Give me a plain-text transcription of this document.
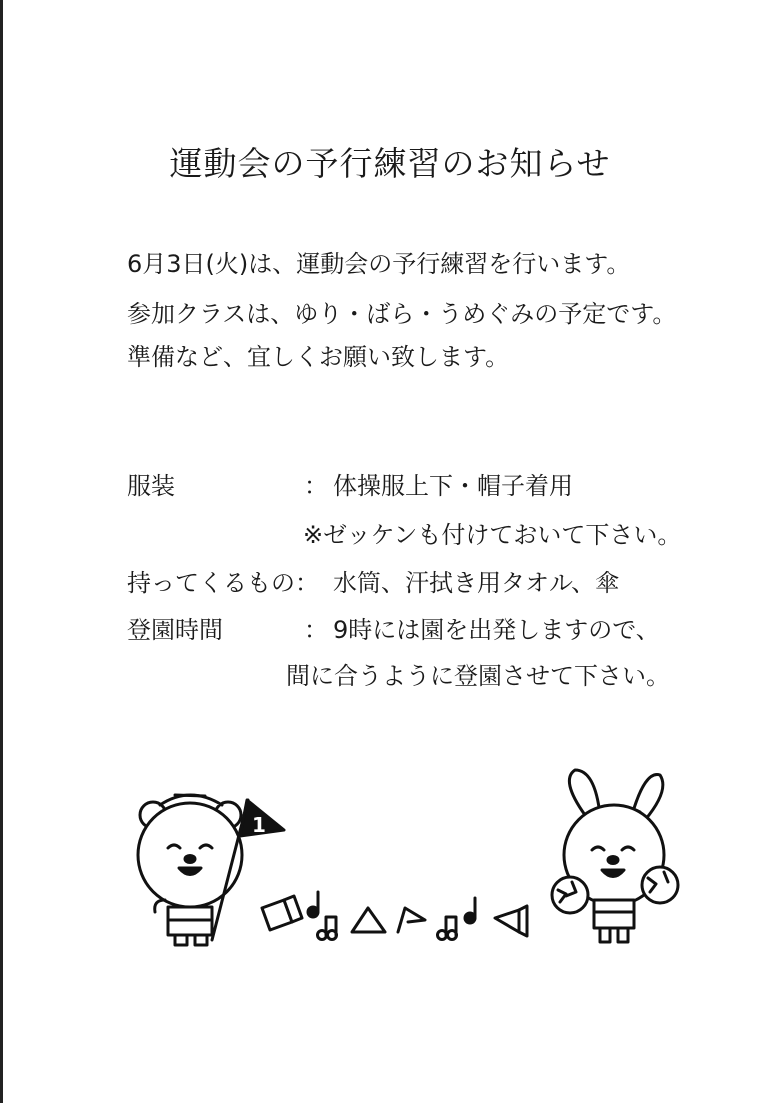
運動会の予行練習のお知らせ
6月3日(火)は、運動会の予行練習を行います。
参加クラスは、ゆり・ばら・うめぐみの予定です。
準備など、宜しくお願い致します。
服装	： 体操服上下・帽子着用
※ゼッケンも付けておいて下さい。
持ってくるもの： 水筒、汗拭き用タオル、傘
登園時間	： 9時には園を出発しますので、
間に合うように登園させて下さい。
1
